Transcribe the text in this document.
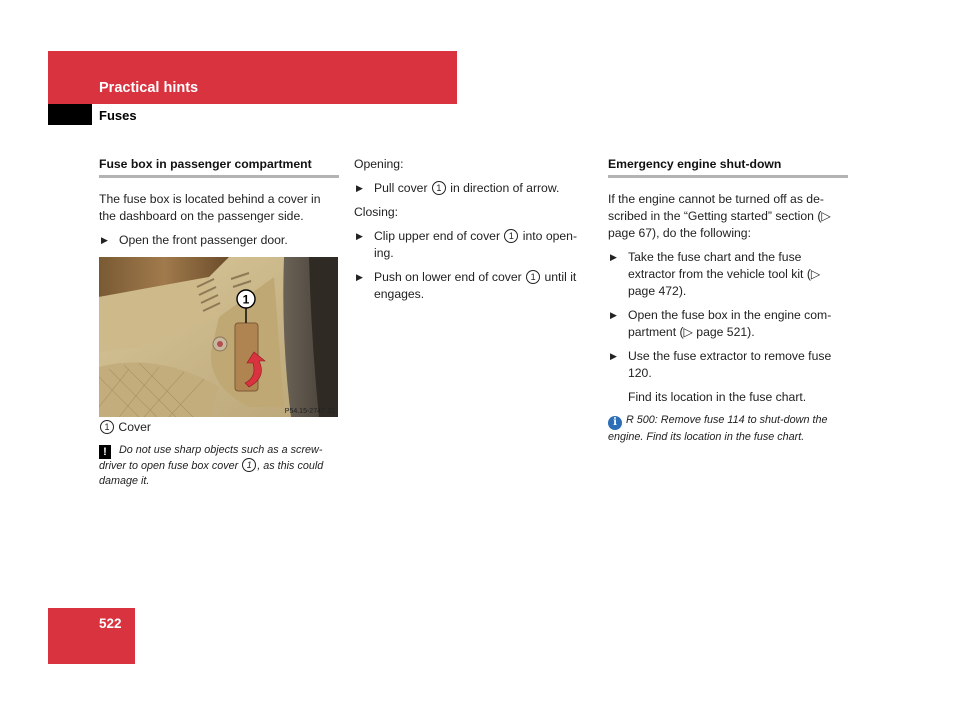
Practical hints
Fuses
Fuse box in passenger compartment

The fuse box is located behind a cover in the dashboard on the passenger side.

▶ Open the front passenger door.
1
P54.15-2747-31

1 Cover

! Do not use sharp objects such as a screw-driver to open fuse box cover 1 , as this could damage it.

Opening:

▶ Pull cover 1 in direction of arrow.

Closing:

▶ Clip upper end of cover 1 into open-ing.
▶ Push on lower end of cover 1 until it engages.
Emergency engine shut-down

If the engine cannot be turned off as de-scribed in the “Getting started” section (▷ page 67), do the following:

▶ Take the fuse chart and the fuse extractor from the vehicle tool kit (▷ page 472).
▶ Open the fuse box in the engine com-partment (▷ page 521).
▶ Use the fuse extractor to remove fuse 120.

Find its location in the fuse chart.

i R 500: Remove fuse 114 to shut-down the engine. Find its location in the fuse chart.
522
